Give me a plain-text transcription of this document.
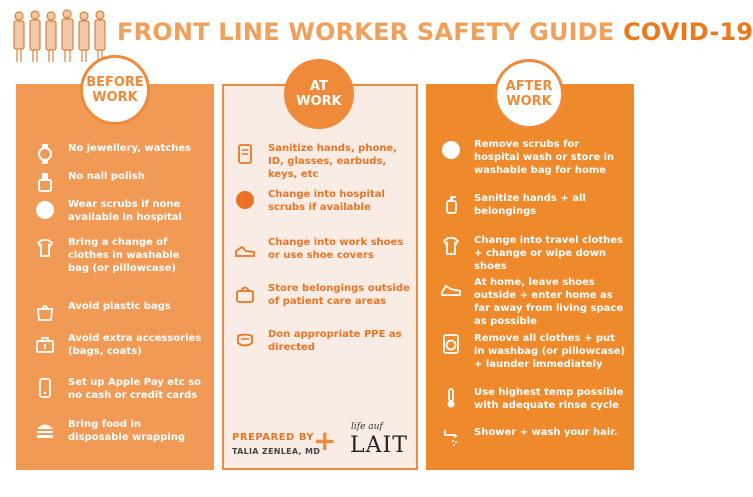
FRONT LINE WORKER SAFETY GUIDE COVID-19
No jewellery, watches
No nail polish
Wear scrubs if none available in hospital
Bring a change of clothes in washable bag (or pillowcase)
Avoid plastic bags
Avoid extra accessories (bags, coats)
Set up Apple Pay etc so no cash or credit cards
Bring food in disposable wrapping
Sanitize hands, phone, ID, glasses, earbuds, keys, etc
Change into hospital scrubs if available
Change into work shoes or use shoe covers
Store belongings outside of patient care areas
Don appropriate PPE as directed
Remove scrubs for hospital wash or store in washable bag for home
Sanitize hands + all belongings
Change into travel clothes + change or wipe down shoes
At home, leave shoes outside + enter home as far away from living space as possible
Remove all clothes + put in washbag (or pillowcase) + launder immediately
Use highest temp possible with adequate rinse cycle
Shower + wash your hair.
BEFORE
WORK
AT
WORK
AFTER
WORK
PREPARED BY
TALIA ZENLEA, MD
+ life auf
LAIT
